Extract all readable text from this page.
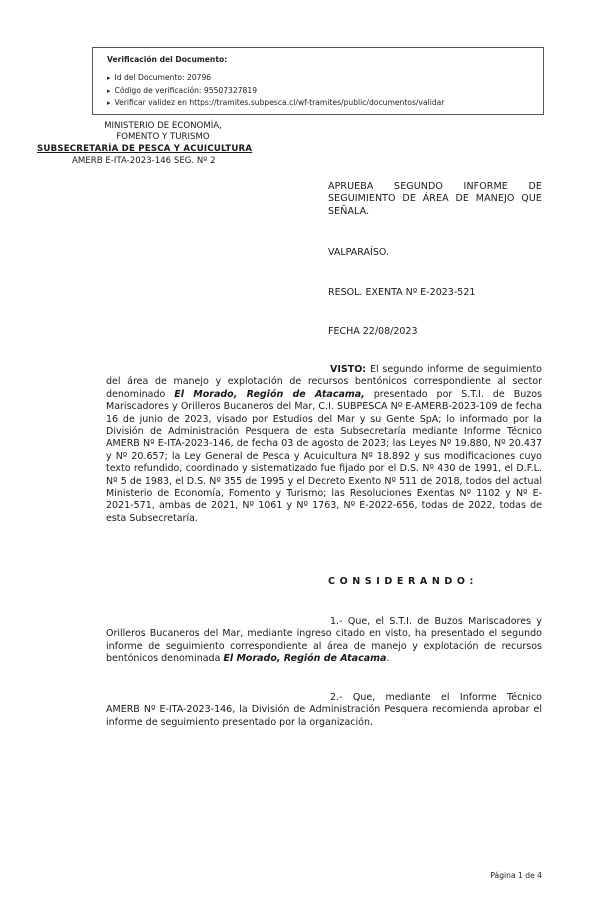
Verificación del Documento:

▸ Id del Documento: 20796
▸ Código de verificación: 95507327819
▸ Verificar validez en https://tramites.subpesca.cl/wf-tramites/public/documentos/validar
MINISTERIO DE ECONOMÍA,
FOMENTO Y TURISMO
SUBSECRETARÍA DE PESCA Y ACUICULTURA
AMERB E-ITA-2023-146 SEG. Nº 2
APRUEBA SEGUNDO INFORME DE SEGUIMIENTO DE ÁREA DE MANEJO QUE SEÑALA.
VALPARAÍSO.
RESOL. EXENTA Nº E-2023-521
FECHA 22/08/2023
VISTO: El segundo informe de seguimiento del área de manejo y explotación de recursos bentónicos correspondiente al sector denominado El Morado, Región de Atacama, presentado por S.T.I. de Buzos Mariscadores y Orilleros Bucaneros del Mar, C.I. SUBPESCA Nº E-AMERB-2023-109 de fecha 16 de junio de 2023, visado por Estudios del Mar y su Gente SpA; lo informado por la División de Administración Pesquera de esta Subsecretaría mediante Informe Técnico AMERB Nº E-ITA-2023-146, de fecha 03 de agosto de 2023; las Leyes Nº 19.880, Nº 20.437 y Nº 20.657; la Ley General de Pesca y Acuicultura Nº 18.892 y sus modificaciones cuyo texto refundido, coordinado y sistematizado fue fijado por el D.S. Nº 430 de 1991, el D.F.L. Nº 5 de 1983, el D.S. Nº 355 de 1995 y el Decreto Exento Nº 511 de 2018, todos del actual Ministerio de Economía, Fomento y Turismo; las Resoluciones Exentas Nº 1102 y Nº E-2021-571, ambas de 2021, Nº 1061 y Nº 1763, Nº E-2022-656, todas de 2022, todas de esta Subsecretaría.
CONSIDERANDO:
1.- Que, el S.T.I. de Buzos Mariscadores y Orilleros Bucaneros del Mar, mediante ingreso citado en visto, ha presentado el segundo informe de seguimiento correspondiente al área de manejo y explotación de recursos bentónicos denominada El Morado, Región de Atacama.
2.- Que, mediante el Informe Técnico AMERB Nº E-ITA-2023-146, la División de Administración Pesquera recomienda aprobar el informe de seguimiento presentado por la organización.
Página 1 de 4
